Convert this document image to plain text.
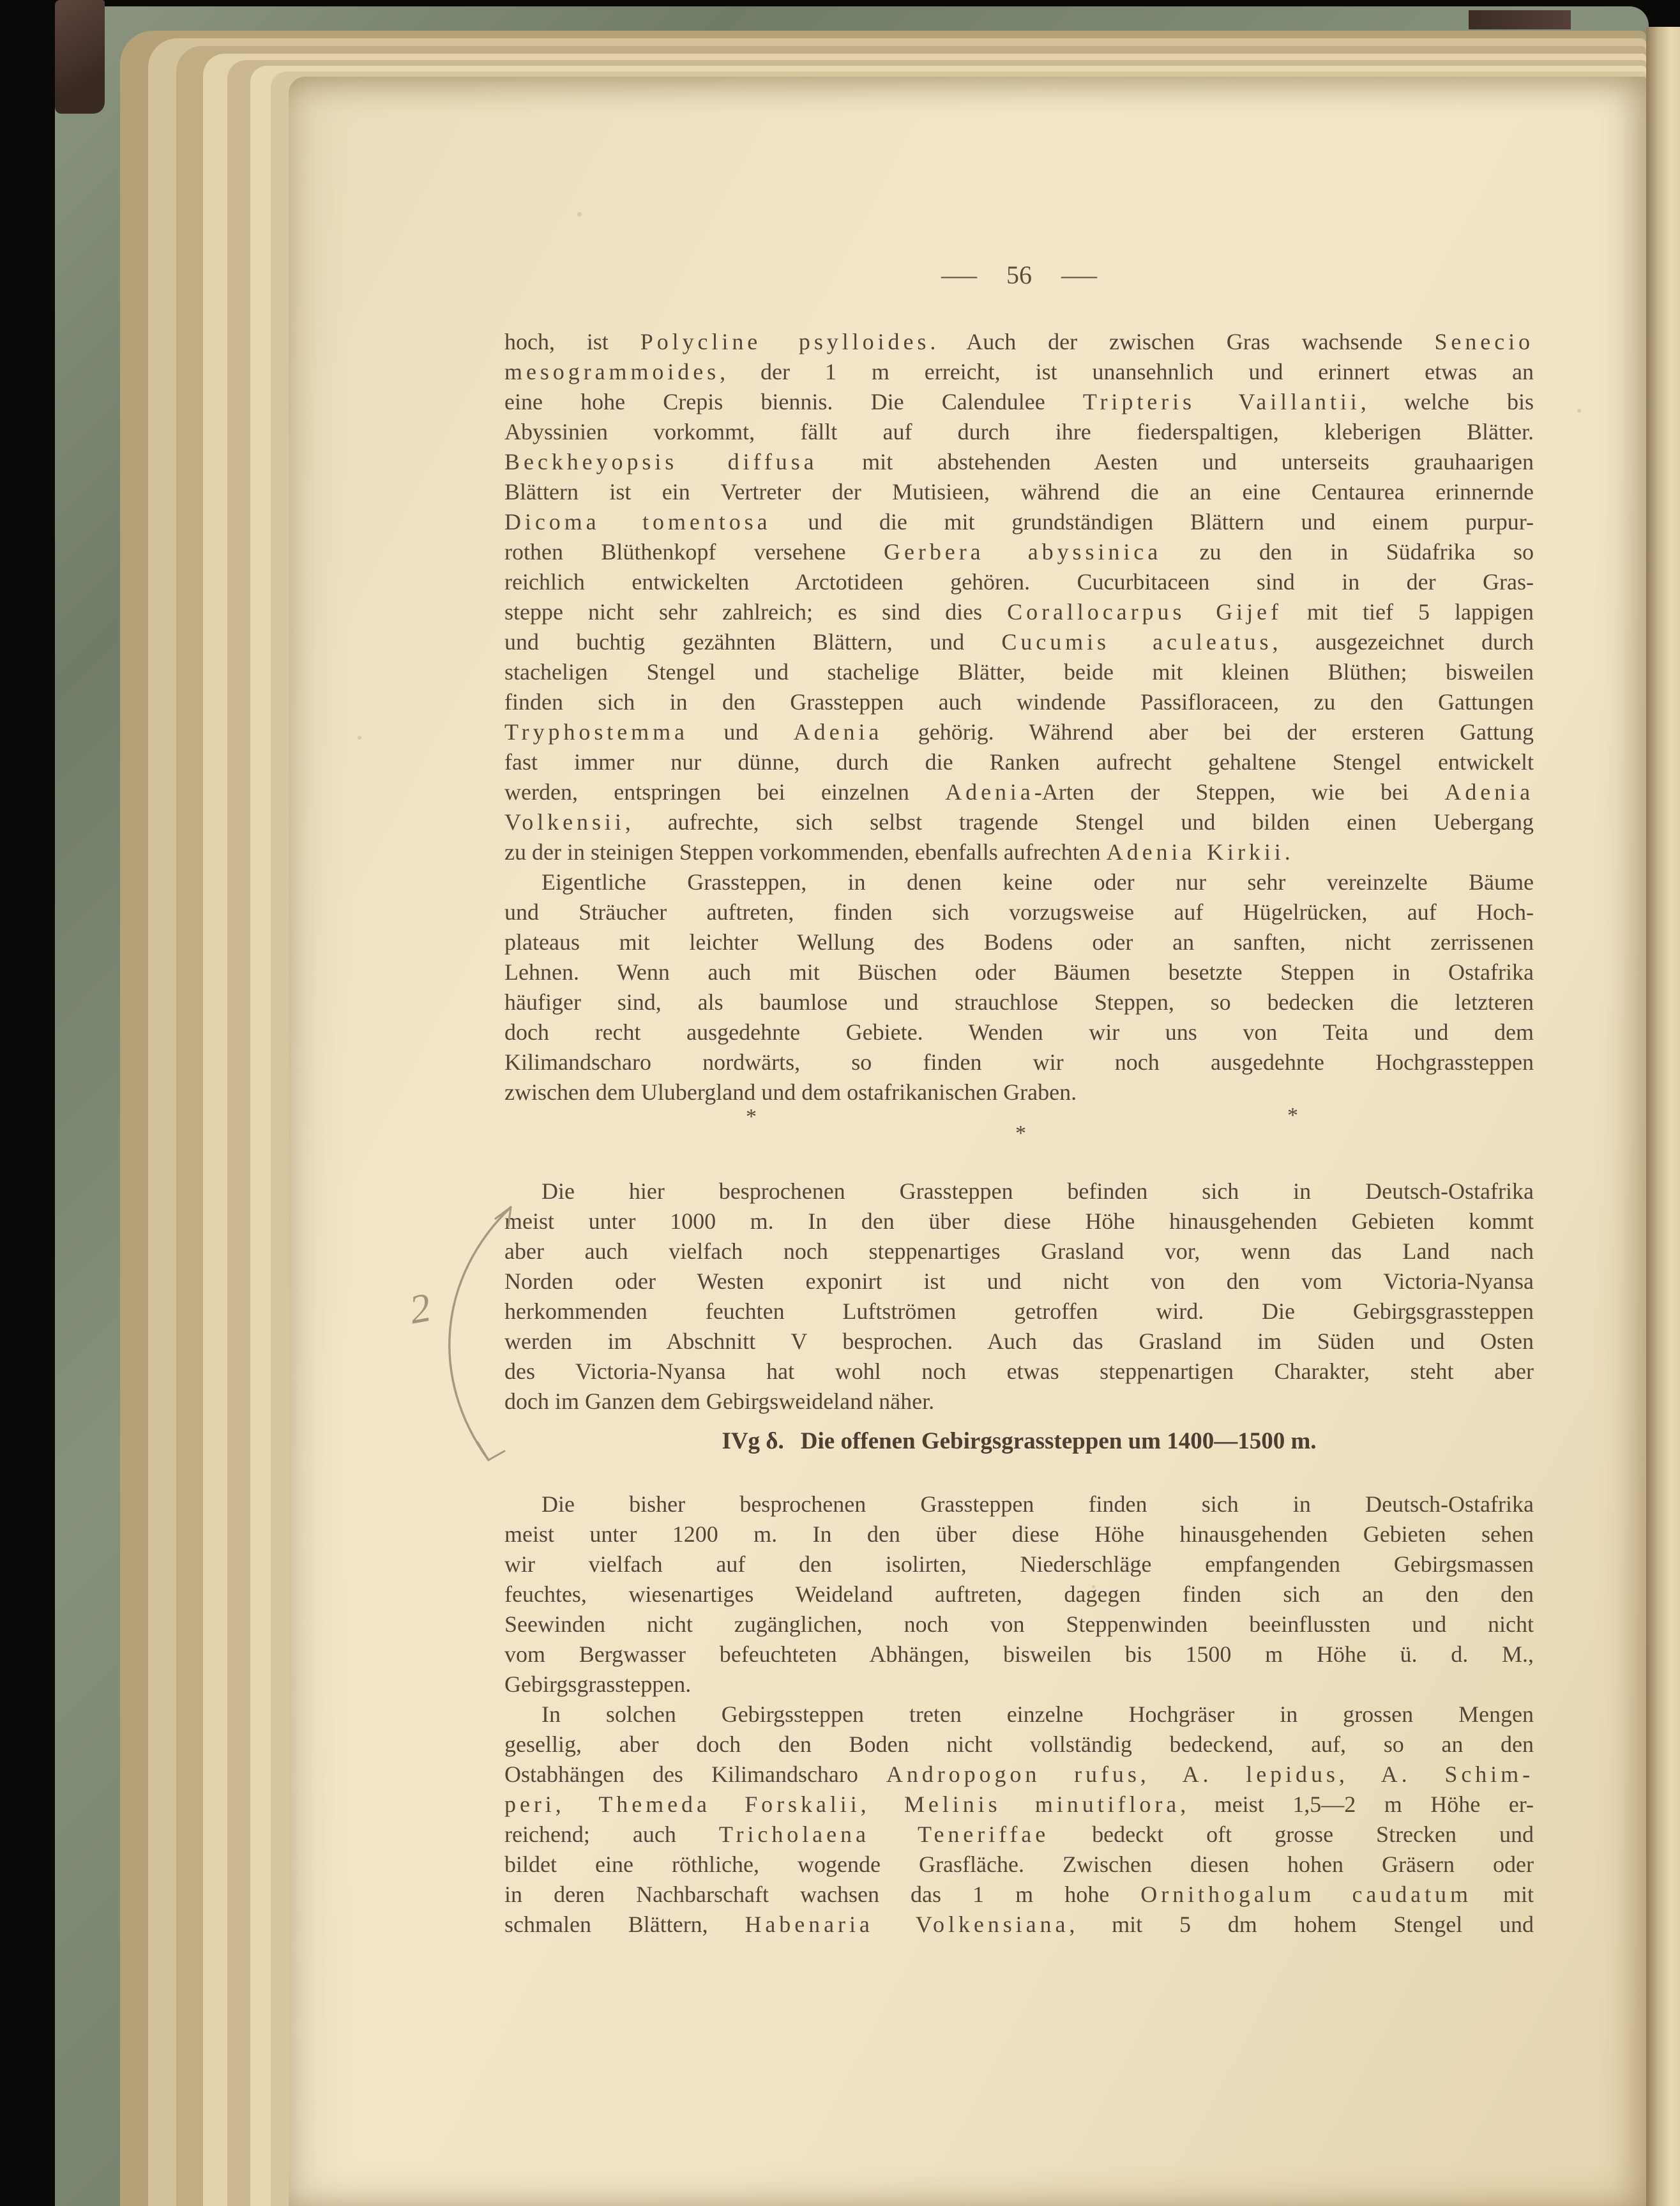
— 56 —
hoch, ist Polycline psylloides. Auch der zwischen Gras wachsende Senecio
mesogrammoides, der 1 m erreicht, ist unansehnlich und erinnert etwas an
eine hohe Crepis biennis. Die Calendulee Tripteris Vaillantii, welche bis
Abyssinien vorkommt, fällt auf durch ihre fiederspaltigen, kleberigen Blätter.
Beckheyopsis diffusa mit abstehenden Aesten und unterseits grauhaarigen
Blättern ist ein Vertreter der Mutisieen, während die an eine Centaurea erinnernde
Dicoma tomentosa und die mit grundständigen Blättern und einem purpur-
rothen Blüthenkopf versehene Gerbera abyssinica zu den in Südafrika so
reichlich entwickelten Arctotideen gehören. Cucurbitaceen sind in der Gras-
steppe nicht sehr zahlreich; es sind dies Corallocarpus Gijef mit tief 5 lappigen
und buchtig gezähnten Blättern, und Cucumis aculeatus, ausgezeichnet durch
stacheligen Stengel und stachelige Blätter, beide mit kleinen Blüthen; bisweilen
finden sich in den Grassteppen auch windende Passifloraceen, zu den Gattungen
Tryphostemma und Adenia gehörig. Während aber bei der ersteren Gattung
fast immer nur dünne, durch die Ranken aufrecht gehaltene Stengel entwickelt
werden, entspringen bei einzelnen Adenia-Arten der Steppen, wie bei Adenia
Volkensii, aufrechte, sich selbst tragende Stengel und bilden einen Uebergang
zu der in steinigen Steppen vorkommenden, ebenfalls aufrechten Adenia Kirkii.
Eigentliche Grassteppen, in denen keine oder nur sehr vereinzelte Bäume
und Sträucher auftreten, finden sich vorzugsweise auf Hügelrücken, auf Hoch-
plateaus mit leichter Wellung des Bodens oder an sanften, nicht zerrissenen
Lehnen. Wenn auch mit Büschen oder Bäumen besetzte Steppen in Ostafrika
häufiger sind, als baumlose und strauchlose Steppen, so bedecken die letzteren
doch recht ausgedehnte Gebiete. Wenden wir uns von Teita und dem
Kilimandscharo nordwärts, so finden wir noch ausgedehnte Hochgrassteppen
zwischen dem Ulubergland und dem ostafrikanischen Graben.
*
*
*
Die hier besprochenen Grassteppen befinden sich in Deutsch-Ostafrika
meist unter 1000 m. In den über diese Höhe hinausgehenden Gebieten kommt
aber auch vielfach noch steppenartiges Grasland vor, wenn das Land nach
Norden oder Westen exponirt ist und nicht von den vom Victoria-Nyansa
herkommenden feuchten Luftströmen getroffen wird. Die Gebirgsgrassteppen
werden im Abschnitt V besprochen. Auch das Grasland im Süden und Osten
des Victoria-Nyansa hat wohl noch etwas steppenartigen Charakter, steht aber
doch im Ganzen dem Gebirgsweideland näher.
IVg δ. Die offenen Gebirgsgrassteppen um 1400—1500 m.
Die bisher besprochenen Grassteppen finden sich in Deutsch-Ostafrika
meist unter 1200 m. In den über diese Höhe hinausgehenden Gebieten sehen
wir vielfach auf den isolirten, Niederschläge empfangenden Gebirgsmassen
feuchtes, wiesenartiges Weideland auftreten, dagegen finden sich an den den
Seewinden nicht zugänglichen, noch von Steppenwinden beeinflussten und nicht
vom Bergwasser befeuchteten Abhängen, bisweilen bis 1500 m Höhe ü. d. M.,
Gebirgsgrassteppen.
In solchen Gebirgssteppen treten einzelne Hochgräser in grossen Mengen
gesellig, aber doch den Boden nicht vollständig bedeckend, auf, so an den
Ostabhängen des Kilimandscharo Andropogon rufus, A. lepidus, A. Schim-
peri, Themeda Forskalii, Melinis minutiflora, meist 1,5—2 m Höhe er-
reichend; auch Tricholaena Teneriffae bedeckt oft grosse Strecken und
bildet eine röthliche, wogende Grasfläche. Zwischen diesen hohen Gräsern oder
in deren Nachbarschaft wachsen das 1 m hohe Ornithogalum caudatum mit
schmalen Blättern, Habenaria Volkensiana, mit 5 dm hohem Stengel und
2
